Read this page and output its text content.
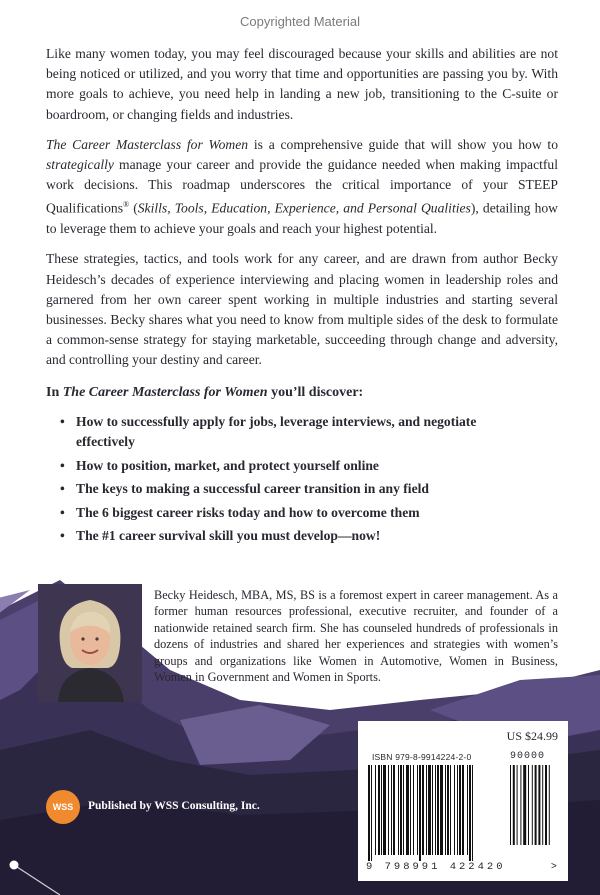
Copyrighted Material

Like many women today, you may feel discouraged because your skills and abilities are not being noticed or utilized, and you worry that time and opportunities are passing you by. With more goals to achieve, you need help in landing a new job, transitioning to the C-suite or boardroom, or changing fields and industries.

The Career Masterclass for Women is a comprehensive guide that will show you how to strategically manage your career and provide the guidance needed when making impactful work decisions. This roadmap underscores the critical importance of your STEEP Qualifications® (Skills, Tools, Education, Experience, and Personal Qualities), detailing how to leverage them to achieve your goals and reach your highest potential.

These strategies, tactics, and tools work for any career, and are drawn from author Becky Heidesch’s decades of experience interviewing and placing women in leadership roles and garnered from her own career spent working in multiple industries and starting several businesses. Becky shares what you need to know from multiple sides of the desk to formulate a common-sense strategy for staying marketable, succeeding through change and adversity, and controlling your destiny and career.

In The Career Masterclass for Women you’ll discover:
• How to successfully apply for jobs, leverage interviews, and negotiate effectively
• How to position, market, and protect yourself online
• The keys to making a successful career transition in any field
• The 6 biggest career risks today and how to overcome them
• The #1 career survival skill you must develop—now!
Becky Heidesch, MBA, MS, BS is a foremost expert in career management. As a former human resources professional, executive recruiter, and founder of a nationwide retained search firm. She has counseled hundreds of professionals in dozens of industries and shared her experiences and strategies with women’s groups and organizations like Women in Automotive, Women in Business, Women in Government and Women in Sports.
US $24.99
ISBN 979-8-9914224-2-0	90000
9 798991 422420	>
WSS	Published by WSS Consulting, Inc.
